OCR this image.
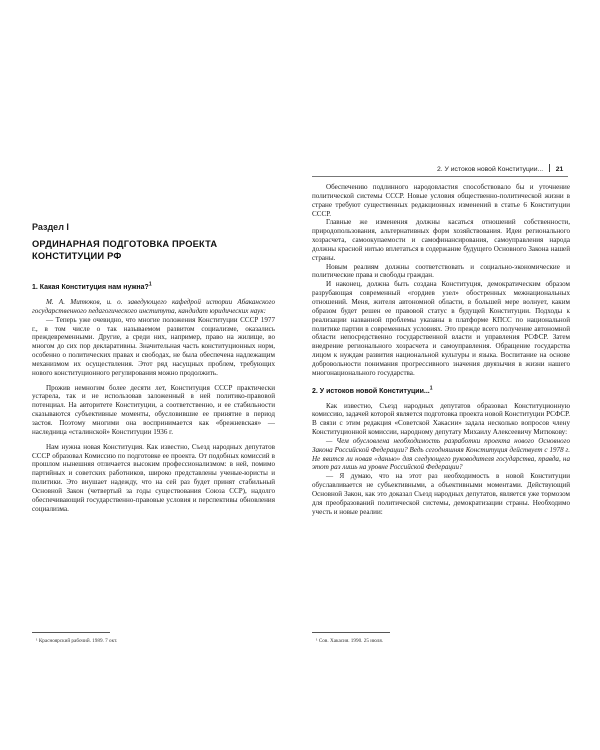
Раздел I
ОРДИНАРНАЯ ПОДГОТОВКА ПРОЕКТА
КОНСТИТУЦИИ РФ
1. Какая Конституция нам нужна?$^1$

М. А. Митюков, и. о. заведующего кафедрой истории Абаканского государственного педагогического института, кандидат юридических наук:

— Теперь уже очевидно, что многие положения Конституции СССР 1977 г., в том числе о так называемом развитом социализме, оказались преждевременными. Другие, а среди них, например, право на жилище, во многом до сих пор декларативны. Значительная часть конституционных норм, особенно о политических правах и свободах, не была обеспечена надлежащим механизмом их осуществления. Этот ряд насущных проблем, требующих нового конституционного регулирования можно продолжить.

Прожив немногим более десяти лет, Конституция СССР практически устарела, так и не использовав заложенный в ней политико-правовой потенциал. На авторитете Конституции, а соответственно, и ее стабильности сказываются субъективные моменты, обусловившие ее принятие в период застоя. Поэтому многими она воспринимается как «брежневская» — наследница «сталинской» Конституции 1936 г.

Нам нужна новая Конституция. Как известно, Съезд народных депутатов СССР образовал Комиссию по подготовке ее проекта. От подобных комиссий в прошлом нынешняя отличается высоким профессионализмом: в ней, помимо партийных и советских работников, широко представлены ученые-юристы и политики. Это внушает надежду, что на сей раз будет принят стабильный Основной Закон (четвертый за годы существования Союза ССР), надолго обеспечивающий государственно-правовые условия и перспективы обновления социализма.

¹ Красноярский рабочий. 1989. 7 окт.
2. У истоков новой Конституции... 21

Обеспечению подлинного народовластия способствовало бы и уточнение политической системы СССР. Новые условия общественно-политической жизни в стране требуют существенных редакционных изменений в статье 6 Конституции СССР.

Главные же изменения должны касаться отношений собственности, природопользования, альтернативных форм хозяйствования. Идеи регионального хозрасчета, самоокупаемости и самофинансирования, самоуправления народа должны красной нитью вплетаться в содержание будущего Основного Закона нашей страны.

Новым реалиям должны соответствовать и социально-экономические и политические права и свободы граждан.

И наконец, должна быть создана Конституция, демократическим образом разрубающая современный «гордиев узел» обостренных межнациональных отношений. Меня, жителя автономной области, в большей мере волнует, каким образом будет решен ее правовой статус в будущей Конституции. Подходы к реализации названной проблемы указаны в платформе КПСС по национальной политике партии в современных условиях. Это прежде всего получение автономной области непосредственно государственной власти и управления РСФСР. Затем внедрение регионального хозрасчета и самоуправления. Обращение государства лицом к нуждам развития национальной культуры и языка. Воспитание на основе добровольности понимания прогрессивного значения двуязычия в жизни нашего многонационального государства.

2. У истоков новой Конституции...$^1$

Как известно, Съезд народных депутатов образовал Конституционную комиссию, задачей которой является подготовка проекта новой Конституции РСФСР. В связи с этим редакция «Советской Хакасии» задала несколько вопросов члену Конституционной комиссии, народному депутату Михаилу Алексеевичу Митюкову:

— Чем обусловлена необходимость разработки проекта нового Основного Закона Российской Федерации? Ведь сегодняшняя Конституция действует с 1978 г. Не явится ли новая «данью» для следующего руководителя государства, правда, на этот раз лишь на уровне Российской Федерации?

— Я думаю, что на этот раз необходимость в новой Конституции обуславливается не субъективными, а объективными моментами. Действующий Основной Закон, как это доказал Съезд народных депутатов, является уже тормозом для преобразований политической системы, демократизации страны. Необходимо учесть и новые реалии:

¹ Сов. Хакасия. 1990. 25 июля.
